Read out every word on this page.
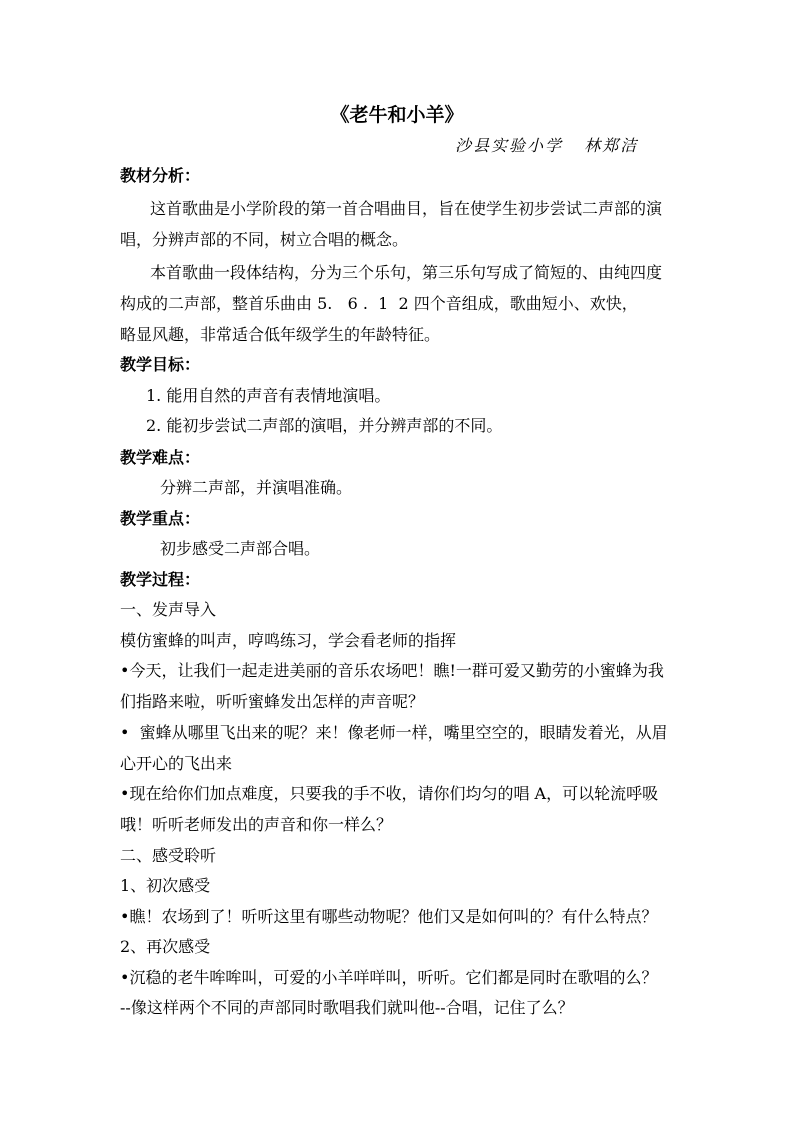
《老牛和小羊》
沙县实验小学   林郑洁
教材分析：
这首歌曲是小学阶段的第一首合唱曲目，旨在使学生初步尝试二声部的演
唱，分辨声部的不同，树立合唱的概念。
本首歌曲一段体结构，分为三个乐句，第三乐句写成了简短的、由纯四度
构成的二声部，整首乐曲由 5.   6 .  1  2 四个音组成，歌曲短小、欢快，
略显风趣，非常适合低年级学生的年龄特征。
教学目标：
1. 能用自然的声音有表情地演唱。
2. 能初步尝试二声部的演唱，并分辨声部的不同。
教学难点：
分辨二声部，并演唱准确。
教学重点：
初步感受二声部合唱。
教学过程：
一、发声导入
模仿蜜蜂的叫声，哼鸣练习，学会看老师的指挥
•今天，让我们一起走进美丽的音乐农场吧！瞧!一群可爱又勤劳的小蜜蜂为我
们指路来啦，听听蜜蜂发出怎样的声音呢？
•  蜜蜂从哪里飞出来的呢？来！像老师一样，嘴里空空的，眼睛发着光，从眉
心开心的飞出来
•现在给你们加点难度，只要我的手不收，请你们均匀的唱 A，可以轮流呼吸
哦！听听老师发出的声音和你一样么？
二、感受聆听
1、初次感受
•瞧！农场到了！听听这里有哪些动物呢？他们又是如何叫的？有什么特点？
2、再次感受
•沉稳的老牛哞哞叫，可爱的小羊咩咩叫，听听。它们都是同时在歌唱的么？
--像这样两个不同的声部同时歌唱我们就叫他--合唱，记住了么？
